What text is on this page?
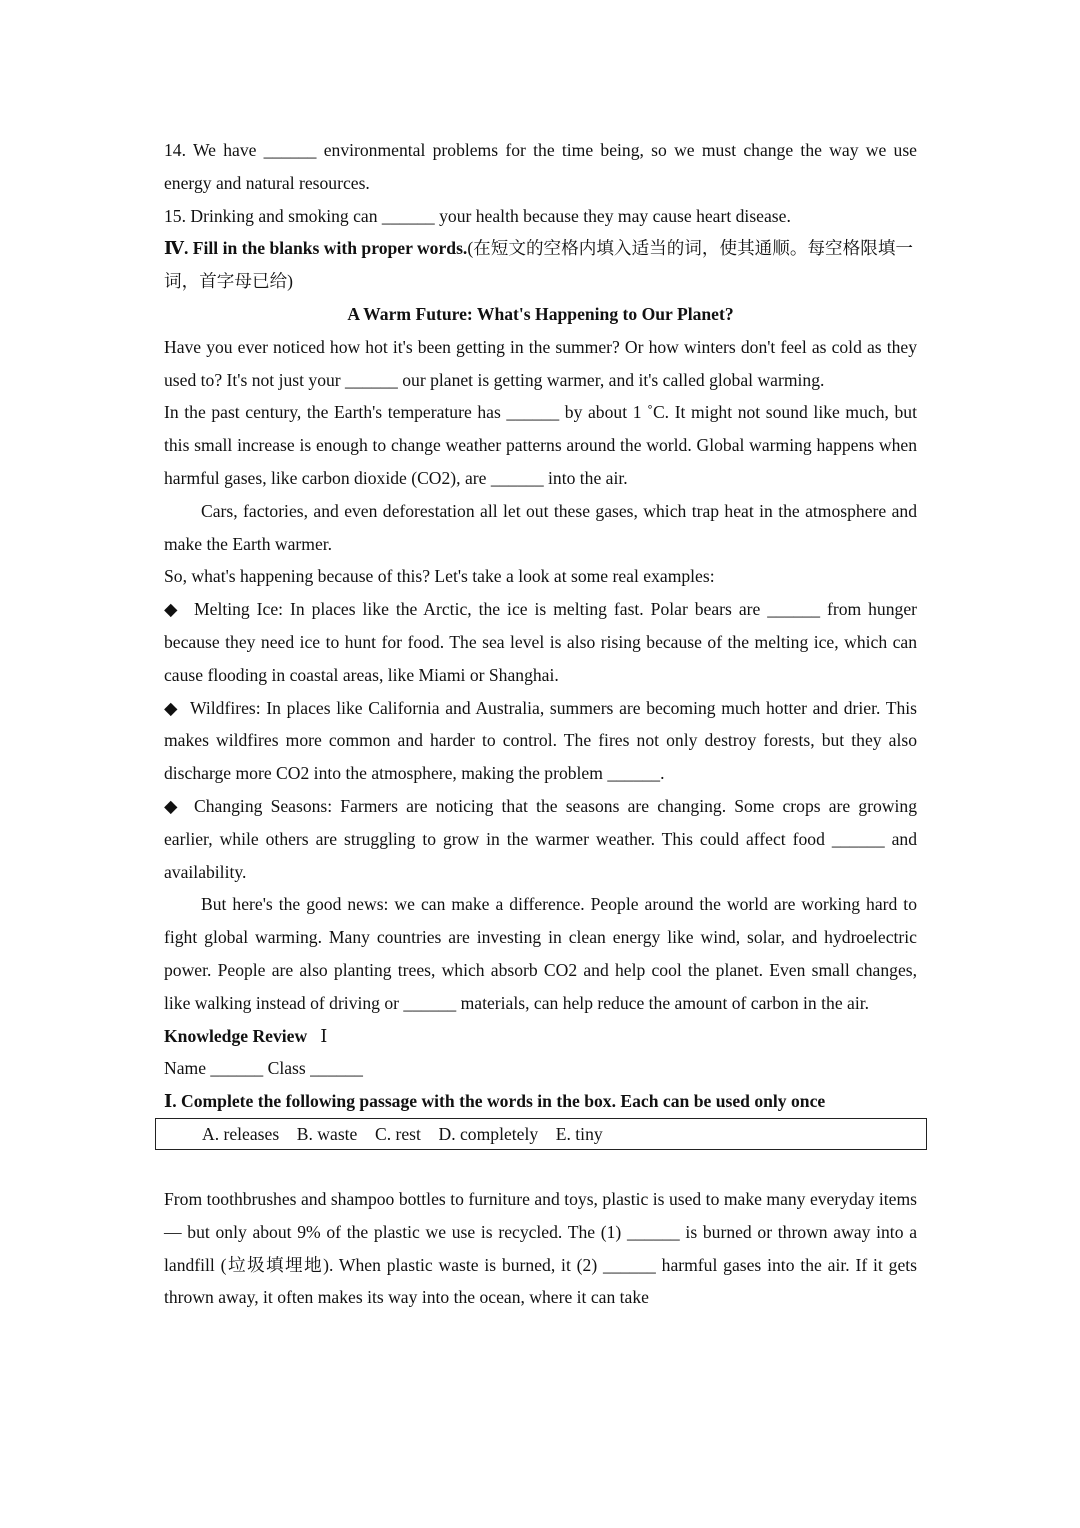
14. We have ______ environmental problems for the time being, so we must change the way we use energy and natural resources.

15. Drinking and smoking can ______ your health because they may cause heart disease.

Ⅳ. Fill in the blanks with proper words.(在短文的空格内填入适当的词，使其通顺。每空格限填一词，首字母已给)

A Warm Future: What's Happening to Our Planet?

Have you ever noticed how hot it's been getting in the summer? Or how winters don't feel as cold as they used to? It's not just your ______ our planet is getting warmer, and it's called global warming.

In the past century, the Earth's temperature has ______ by about 1 ˚C. It might not sound like much, but this small increase is enough to change weather patterns around the world. Global warming happens when harmful gases, like carbon dioxide (CO2), are ______ into the air.

Cars, factories, and even deforestation all let out these gases, which trap heat in the atmosphere and make the Earth warmer.

So, what's happening because of this? Let's take a look at some real examples:

◆ Melting Ice: In places like the Arctic, the ice is melting fast. Polar bears are ______ from hunger because they need ice to hunt for food. The sea level is also rising because of the melting ice, which can cause flooding in coastal areas, like Miami or Shanghai.

◆ Wildfires: In places like California and Australia, summers are becoming much hotter and drier. This makes wildfires more common and harder to control. The fires not only destroy forests, but they also discharge more CO2 into the atmosphere, making the problem ______.

◆ Changing Seasons: Farmers are noticing that the seasons are changing. Some crops are growing earlier, while others are struggling to grow in the warmer weather. This could affect food ______ and availability.

But here's the good news: we can make a difference. People around the world are working hard to fight global warming. Many countries are investing in clean energy like wind, solar, and hydroelectric power. People are also planting trees, which absorb CO2 and help cool the planet. Even small changes, like walking instead of driving or ______ materials, can help reduce the amount of carbon in the air.

Knowledge Review Ⅰ

Name ______ Class ______

Ⅰ. Complete the following passage with the words in the box. Each can be used only once

A. releases    B. waste    C. rest    D. completely    E. tiny

From toothbrushes and shampoo bottles to furniture and toys, plastic is used to make many everyday items — but only about 9% of the plastic we use is recycled. The (1) ______ is burned or thrown away into a landfill (垃圾填埋地). When plastic waste is burned, it (2) ______ harmful gases into the air. If it gets thrown away, it often makes its way into the ocean, where it can take
